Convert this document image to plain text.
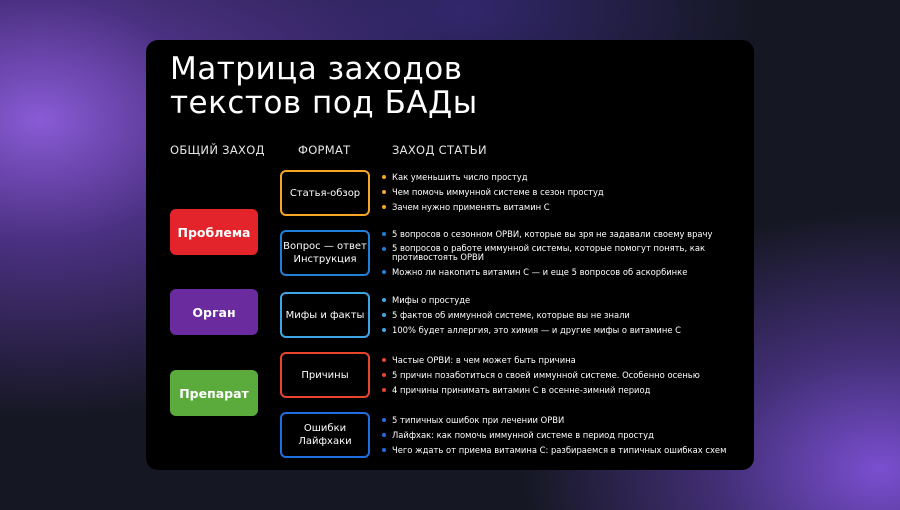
Матрица заходов
текстов под БАДы
ОБЩИЙ ЗАХОД	ФОРМАТ	ЗАХОД СТАТЬИ
Проблема
Орган
Препарат
Статья-обзор
Как уменьшить число простуд
Чем помочь иммунной системе в сезон простуд
Зачем нужно применять витамин С
Вопрос — ответ Инструкция
5 вопросов о сезонном ОРВИ, которые вы зря не задавали своему врачу
5 вопросов о работе иммунной системы, которые помогут понять, как противостоять ОРВИ
Можно ли накопить витамин С — и еще 5 вопросов об аскорбинке
Мифы и факты
Мифы о простуде
5 фактов об иммунной системе, которые вы не знали
100% будет аллергия, это химия — и другие мифы о витамине С
Причины
Частые ОРВИ: в чем может быть причина
5 причин позаботиться о своей иммунной системе. Особенно осенью
4 причины принимать витамин С в осенне-зимний период
Ошибки Лайфхаки
5 типичных ошибок при лечении ОРВИ
Лайфхак: как помочь иммунной системе в период простуд
Чего ждать от приема витамина С: разбираемся в типичных ошибках схем
